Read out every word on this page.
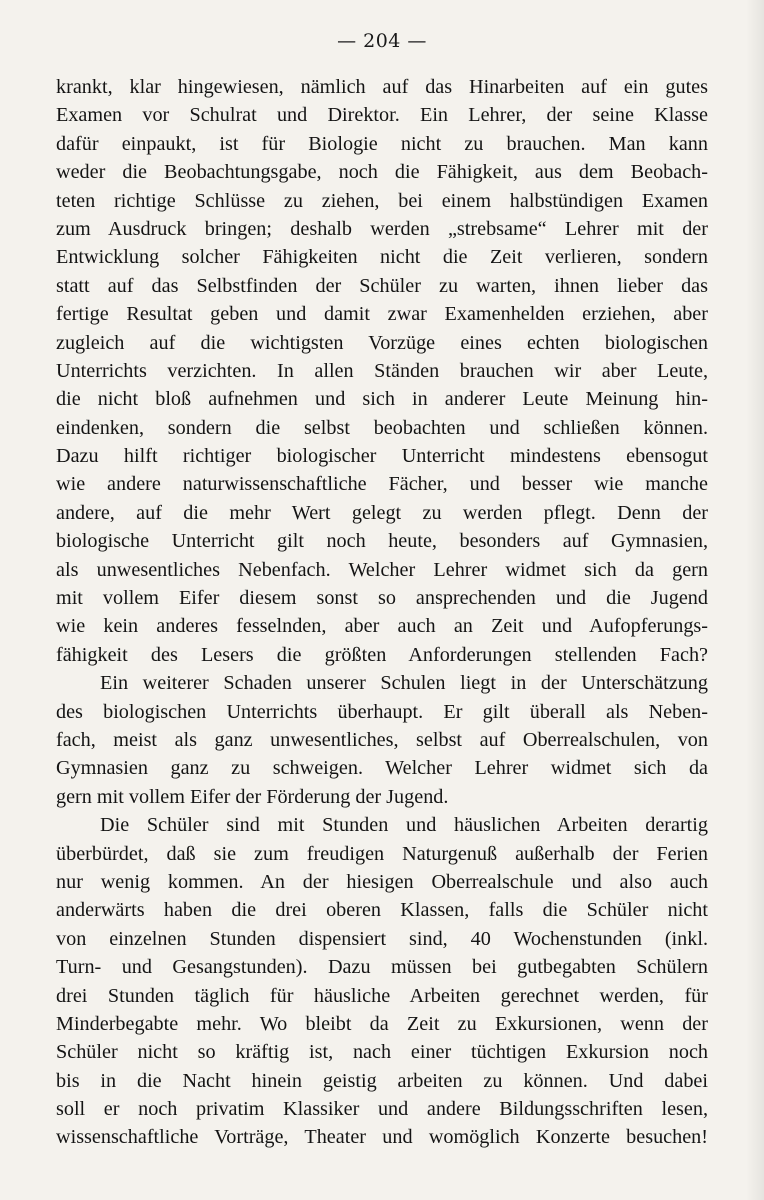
— 204 —
krankt, klar hingewiesen, nämlich auf das Hinarbeiten auf ein gutes
Examen vor Schulrat und Direktor. Ein Lehrer, der seine Klasse
dafür einpaukt, ist für Biologie nicht zu brauchen. Man kann
weder die Beobachtungsgabe, noch die Fähigkeit, aus dem Beobach-
teten richtige Schlüsse zu ziehen, bei einem halbstündigen Examen
zum Ausdruck bringen; deshalb werden „strebsame“ Lehrer mit der
Entwicklung solcher Fähigkeiten nicht die Zeit verlieren, sondern
statt auf das Selbstfinden der Schüler zu warten, ihnen lieber das
fertige Resultat geben und damit zwar Examenhelden erziehen, aber
zugleich auf die wichtigsten Vorzüge eines echten biologischen
Unterrichts verzichten. In allen Ständen brauchen wir aber Leute,
die nicht bloß aufnehmen und sich in anderer Leute Meinung hin-
eindenken, sondern die selbst beobachten und schließen können.
Dazu hilft richtiger biologischer Unterricht mindestens ebensogut
wie andere naturwissenschaftliche Fächer, und besser wie manche
andere, auf die mehr Wert gelegt zu werden pflegt. Denn der
biologische Unterricht gilt noch heute, besonders auf Gymnasien,
als unwesentliches Nebenfach. Welcher Lehrer widmet sich da gern
mit vollem Eifer diesem sonst so ansprechenden und die Jugend
wie kein anderes fesselnden, aber auch an Zeit und Aufopferungs-
fähigkeit des Lesers die größten Anforderungen stellenden Fach?
Ein weiterer Schaden unserer Schulen liegt in der Unterschätzung
des biologischen Unterrichts überhaupt. Er gilt überall als Neben-
fach, meist als ganz unwesentliches, selbst auf Oberrealschulen, von
Gymnasien ganz zu schweigen. Welcher Lehrer widmet sich da
gern mit vollem Eifer der Förderung der Jugend.
Die Schüler sind mit Stunden und häuslichen Arbeiten derartig
überbürdet, daß sie zum freudigen Naturgenuß außerhalb der Ferien
nur wenig kommen. An der hiesigen Oberrealschule und also auch
anderwärts haben die drei oberen Klassen, falls die Schüler nicht
von einzelnen Stunden dispensiert sind, 40 Wochenstunden (inkl.
Turn- und Gesangstunden). Dazu müssen bei gutbegabten Schülern
drei Stunden täglich für häusliche Arbeiten gerechnet werden, für
Minderbegabte mehr. Wo bleibt da Zeit zu Exkursionen, wenn der
Schüler nicht so kräftig ist, nach einer tüchtigen Exkursion noch
bis in die Nacht hinein geistig arbeiten zu können. Und dabei
soll er noch privatim Klassiker und andere Bildungsschriften lesen,
wissenschaftliche Vorträge, Theater und womöglich Konzerte besuchen!
